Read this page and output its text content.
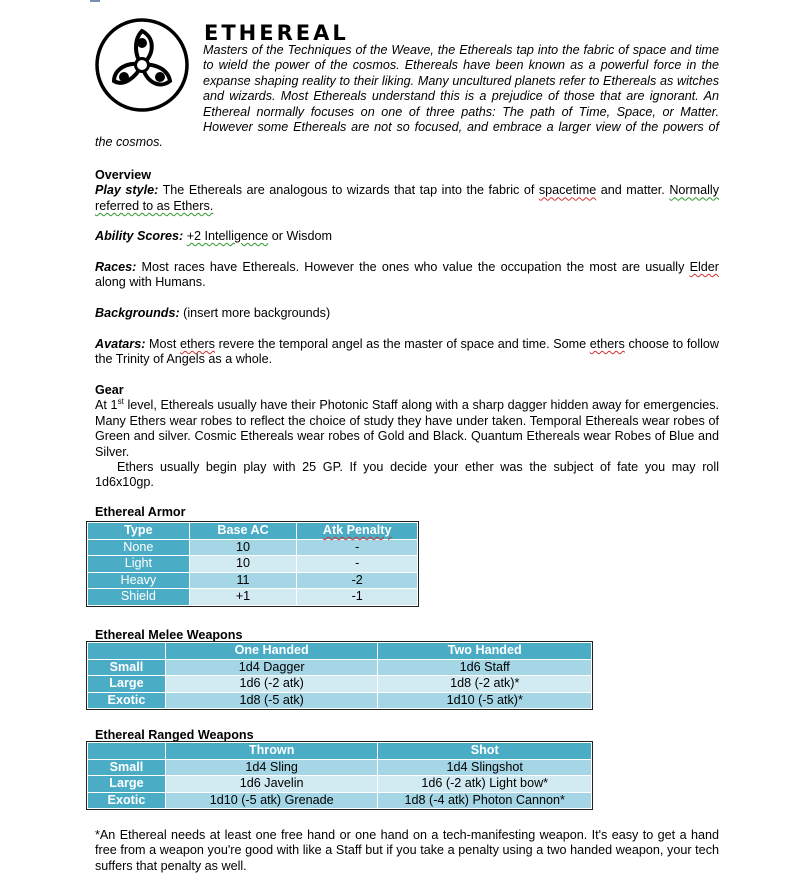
ETHEREAL

Masters of the Techniques of the Weave, the Ethereals tap into the fabric of space and time to wield the power of the cosmos. Ethereals have been known as a powerful force in the expanse shaping reality to their liking. Many uncultured planets refer to Ethereals as witches and wizards. Most Ethereals understand this is a prejudice of those that are ignorant. An Ethereal normally focuses on one of three paths: The path of Time, Space, or Matter. However some Ethereals are not so focused, and embrace a larger view of the powers of the cosmos.

Overview
Play style: The Ethereals are analogous to wizards that tap into the fabric of spacetime and matter. Normally referred to as Ethers.

Ability Scores: +2 Intelligence or Wisdom

Races: Most races have Ethereals. However the ones who value the occupation the most are usually Elder along with Humans.

Backgrounds: (insert more backgrounds)

Avatars: Most ethers revere the temporal angel as the master of space and time. Some ethers choose to follow the Trinity of Angels as a whole.

Gear
At 1st level, Ethereals usually have their Photonic Staff along with a sharp dagger hidden away for emergencies. Many Ethers wear robes to reflect the choice of study they have under taken. Temporal Ethereals wear robes of Green and silver. Cosmic Ethereals wear robes of Gold and Black. Quantum Ethereals wear Robes of Blue and Silver.
Ethers usually begin play with 25 GP. If you decide your ether was the subject of fate you may roll 1d6x10gp.

Ethereal Armor
Type	Base AC	Atk Penalty
None	10	-
Light	10	-
Heavy	11	-2
Shield	+1	-1
Ethereal Melee Weapons
	One Handed	Two Handed
Small	1d4 Dagger	1d6 Staff
Large	1d6 (-2 atk)	1d8 (-2 atk)*
Exotic	1d8 (-5 atk)	1d10 (-5 atk)*
Ethereal Ranged Weapons
	Thrown	Shot
Small	1d4 Sling	1d4 Slingshot
Large	1d6 Javelin	1d6 (-2 atk) Light bow*
Exotic	1d10 (-5 atk) Grenade	1d8 (-4 atk) Photon Cannon*

*An Ethereal needs at least one free hand or one hand on a tech-manifesting weapon. It's easy to get a hand free from a weapon you're good with like a Staff but if you take a penalty using a two handed weapon, your tech suffers that penalty as well.
